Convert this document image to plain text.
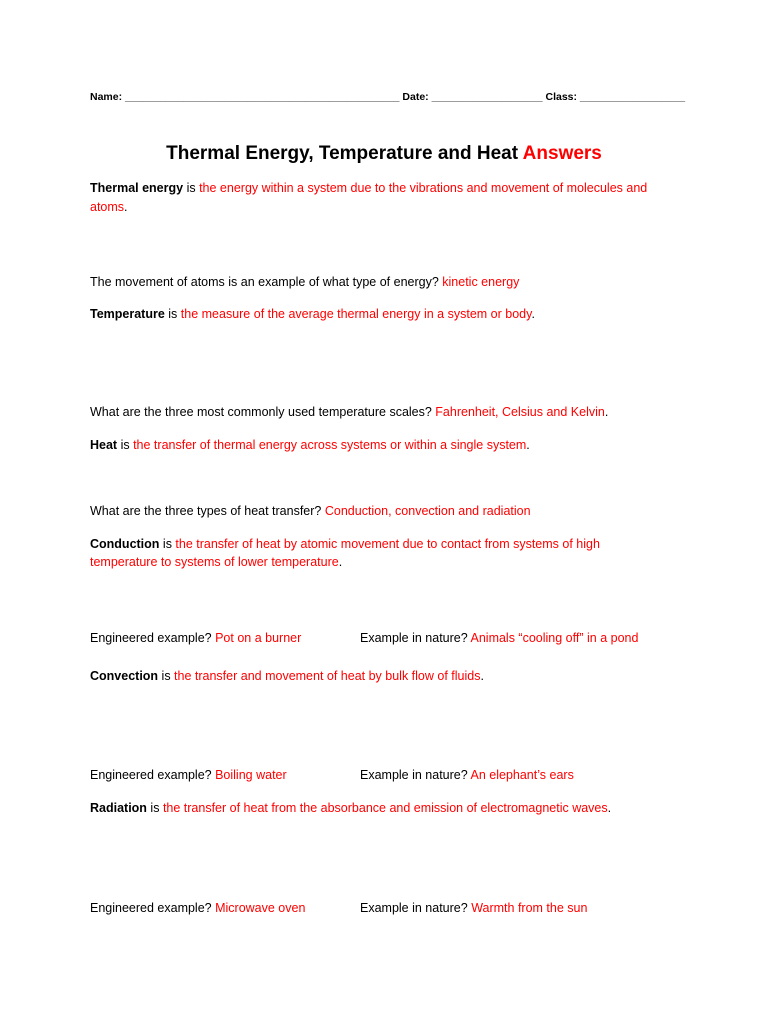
Name: _______________________________________________ Date: ___________________ Class: __________________
Thermal Energy, Temperature and Heat Answers
Thermal energy is the energy within a system due to the vibrations and movement of molecules and
atoms.
The movement of atoms is an example of what type of energy? kinetic energy
Temperature is the measure of the average thermal energy in a system or body.
What are the three most commonly used temperature scales? Fahrenheit, Celsius and Kelvin.
Heat is the transfer of thermal energy across systems or within a single system.
What are the three types of heat transfer? Conduction, convection and radiation
Conduction is the transfer of heat by atomic movement due to contact from systems of high
temperature to systems of lower temperature.
Engineered example? Pot on a burner	Example in nature? Animals “cooling off” in a pond
Convection is the transfer and movement of heat by bulk flow of fluids.
Engineered example? Boiling water	Example in nature? An elephant’s ears
Radiation is the transfer of heat from the absorbance and emission of electromagnetic waves.
Engineered example? Microwave oven	Example in nature? Warmth from the sun
